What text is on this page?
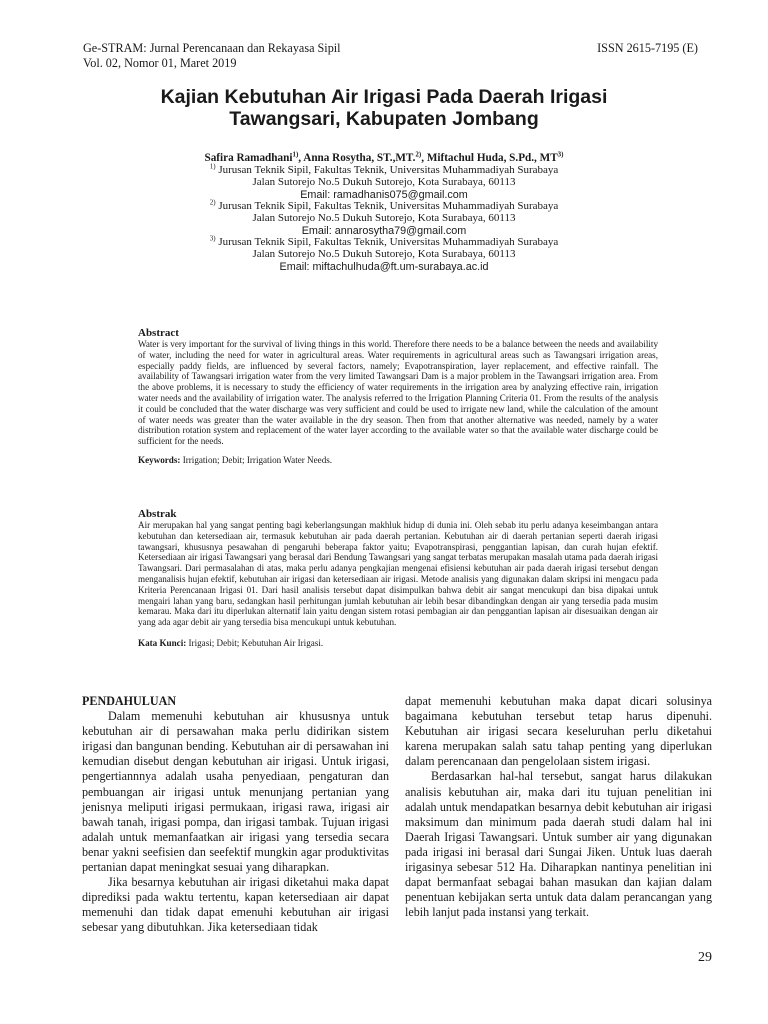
Ge-STRAM: Jurnal Perencanaan dan Rekayasa Sipil
Vol. 02, Nomor 01, Maret 2019
ISSN 2615-7195 (E)
Kajian Kebutuhan Air Irigasi Pada Daerah Irigasi
Tawangsari, Kabupaten Jombang
Safira Ramadhani$^{1)}$, Anna Rosytha, ST.,MT.$^{2)}$, Miftachul Huda, S.Pd., MT$^{3)}$
$^{1)}$ Jurusan Teknik Sipil, Fakultas Teknik, Universitas Muhammadiyah Surabaya
Jalan Sutorejo No.5 Dukuh Sutorejo, Kota Surabaya, 60113
Email: ramadhanis075@gmail.com
$^{2)}$ Jurusan Teknik Sipil, Fakultas Teknik, Universitas Muhammadiyah Surabaya
Jalan Sutorejo No.5 Dukuh Sutorejo, Kota Surabaya, 60113
Email: annarosytha79@gmail.com
$^{3)}$ Jurusan Teknik Sipil, Fakultas Teknik, Universitas Muhammadiyah Surabaya
Jalan Sutorejo No.5 Dukuh Sutorejo, Kota Surabaya, 60113
Email: miftachulhuda@ft.um-surabaya.ac.id
Abstract

Water is very important for the survival of living things in this world. Therefore there needs to be a balance between the needs and availability of water, including the need for water in agricultural areas. Water requirements in agricultural areas such as Tawangsari irrigation areas, especially paddy fields, are influenced by several factors, namely; Evapotranspiration, layer replacement, and effective rainfall. The availability of Tawangsari irrigation water from the very limited Tawangsari Dam is a major problem in the Tawangsari irrigation area. From the above problems, it is necessary to study the efficiency of water requirements in the irrigation area by analyzing effective rain, irrigation water needs and the availability of irrigation water. The analysis referred to the Irrigation Planning Criteria 01. From the results of the analysis it could be concluded that the water discharge was very sufficient and could be used to irrigate new land, while the calculation of the amount of water needs was greater than the water available in the dry season. Then from that another alternative was needed, namely by a water distribution rotation system and replacement of the water layer according to the available water so that the available water discharge could be sufficient for the needs.

Keywords: Irrigation; Debit; Irrigation Water Needs.

Abstrak

Air merupakan hal yang sangat penting bagi keberlangsungan makhluk hidup di dunia ini. Oleh sebab itu perlu adanya keseimbangan antara kebutuhan dan ketersediaan air, termasuk kebutuhan air pada daerah pertanian. Kebutuhan air di daerah pertanian seperti daerah irigasi tawangsari, khususnya pesawahan di pengaruhi beberapa faktor yaitu; Evapotranspirasi, penggantian lapisan, dan curah hujan efektif. Ketersediaan air irigasi Tawangsari yang berasal dari Bendung Tawangsari yang sangat terbatas merupakan masalah utama pada daerah irigasi Tawangsari. Dari permasalahan di atas, maka perlu adanya pengkajian mengenai efisiensi kebutuhan air pada daerah irigasi tersebut dengan menganalisis hujan efektif, kebutuhan air irigasi dan ketersediaan air irigasi. Metode analisis yang digunakan dalam skripsi ini mengacu pada Kriteria Perencanaan Irigasi 01. Dari hasil analisis tersebut dapat disimpulkan bahwa debit air sangat mencukupi dan bisa dipakai untuk mengairi lahan yang baru, sedangkan hasil perhitungan jumlah kebutuhan air lebih besar dibandingkan dengan air yang tersedia pada musim kemarau. Maka dari itu diperlukan alternatif lain yaitu dengan sistem rotasi pembagian air dan penggantian lapisan air disesuaikan dengan air yang ada agar debit air yang tersedia bisa mencukupi untuk kebutuhan.

Kata Kunci: Irigasi; Debit; Kebutuhan Air Irigasi.

PENDAHULUAN

Dalam memenuhi kebutuhan air khususnya untuk kebutuhan air di persawahan maka perlu didirikan sistem irigasi dan bangunan bending. Kebutuhan air di persawahan ini kemudian disebut dengan kebutuhan air irigasi. Untuk irigasi, pengertiannnya adalah usaha penyediaan, pengaturan dan pembuangan air irigasi untuk menunjang pertanian yang jenisnya meliputi irigasi permukaan, irigasi rawa, irigasi air bawah tanah, irigasi pompa, dan irigasi tambak. Tujuan irigasi adalah untuk memanfaatkan air irigasi yang tersedia secara benar yakni seefisien dan seefektif mungkin agar produktivitas pertanian dapat meningkat sesuai yang diharapkan.

Jika besarnya kebutuhan air irigasi diketahui maka dapat diprediksi pada waktu tertentu, kapan ketersediaan air dapat memenuhi dan tidak dapat emenuhi kebutuhan air irigasi sebesar yang dibutuhkan. Jika ketersediaan tidak

dapat memenuhi kebutuhan maka dapat dicari solusinya bagaimana kebutuhan tersebut tetap harus dipenuhi. Kebutuhan air irigasi secara keseluruhan perlu diketahui karena merupakan salah satu tahap penting yang diperlukan dalam perencanaan dan pengelolaan sistem irigasi.

Berdasarkan hal-hal tersebut, sangat harus dilakukan analisis kebutuhan air, maka dari itu tujuan penelitian ini adalah untuk mendapatkan besarnya debit kebutuhan air irigasi maksimum dan minimum pada daerah studi dalam hal ini Daerah Irigasi Tawangsari. Untuk sumber air yang digunakan pada irigasi ini berasal dari Sungai Jiken. Untuk luas daerah irigasinya sebesar 512 Ha. Diharapkan nantinya penelitian ini dapat bermanfaat sebagai bahan masukan dan kajian dalam penentuan kebijakan serta untuk data dalam perancangan yang lebih lanjut pada instansi yang terkait.

29
